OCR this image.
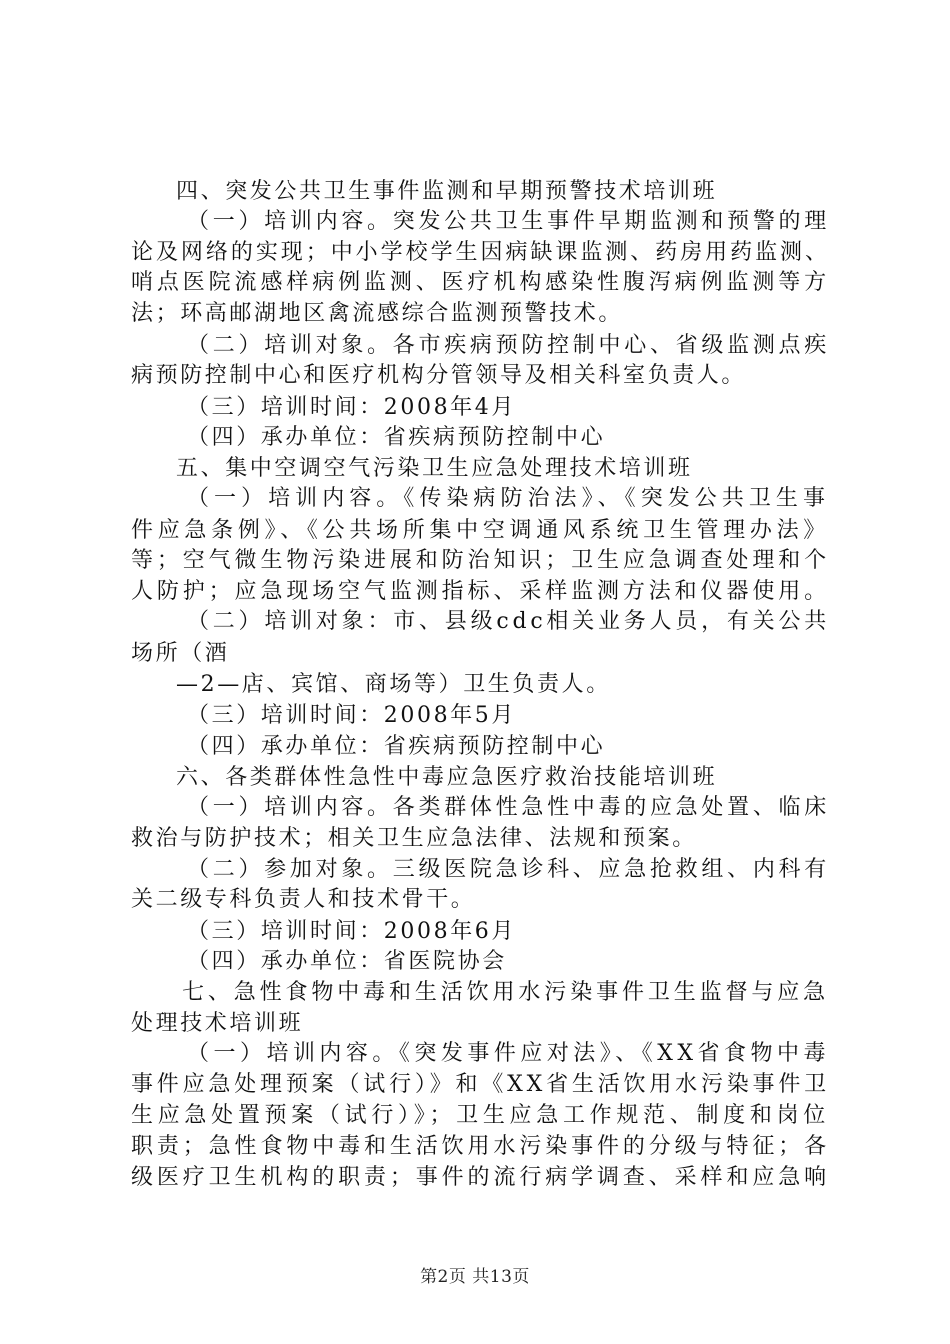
四、突发公共卫生事件监测和早期预警技术培训班
（一）培训内容。突发公共卫生事件早期监测和预警的理
论及网络的实现；中小学校学生因病缺课监测、药房用药监测、
哨点医院流感样病例监测、医疗机构感染性腹泻病例监测等方
法；环高邮湖地区禽流感综合监测预警技术。
（二）培训对象。各市疾病预防控制中心、省级监测点疾
病预防控制中心和医疗机构分管领导及相关科室负责人。
（三）培训时间：2008年4月
（四）承办单位：省疾病预防控制中心
五、集中空调空气污染卫生应急处理技术培训班
（一）培训内容。《传染病防治法》、《突发公共卫生事
件应急条例》、《公共场所集中空调通风系统卫生管理办法》
等；空气微生物污染进展和防治知识；卫生应急调查处理和个
人防护；应急现场空气监测指标、采样监测方法和仪器使用。
（二）培训对象：市、县级cdc相关业务人员，有关公共
场所（酒
—2—店、宾馆、商场等）卫生负责人。
（三）培训时间：2008年5月
（四）承办单位：省疾病预防控制中心
六、各类群体性急性中毒应急医疗救治技能培训班
（一）培训内容。各类群体性急性中毒的应急处置、临床
救治与防护技术；相关卫生应急法律、法规和预案。
（二）参加对象。三级医院急诊科、应急抢救组、内科有
关二级专科负责人和技术骨干。
（三）培训时间：2008年6月
（四）承办单位：省医院协会
七、急性食物中毒和生活饮用水污染事件卫生监督与应急
处理技术培训班
（一）培训内容。《突发事件应对法》、《XX省食物中毒
事件应急处理预案（试行）》和《XX省生活饮用水污染事件卫
生应急处置预案（试行）》；卫生应急工作规范、制度和岗位
职责；急性食物中毒和生活饮用水污染事件的分级与特征；各
级医疗卫生机构的职责；事件的流行病学调查、采样和应急响
第2页 共13页
